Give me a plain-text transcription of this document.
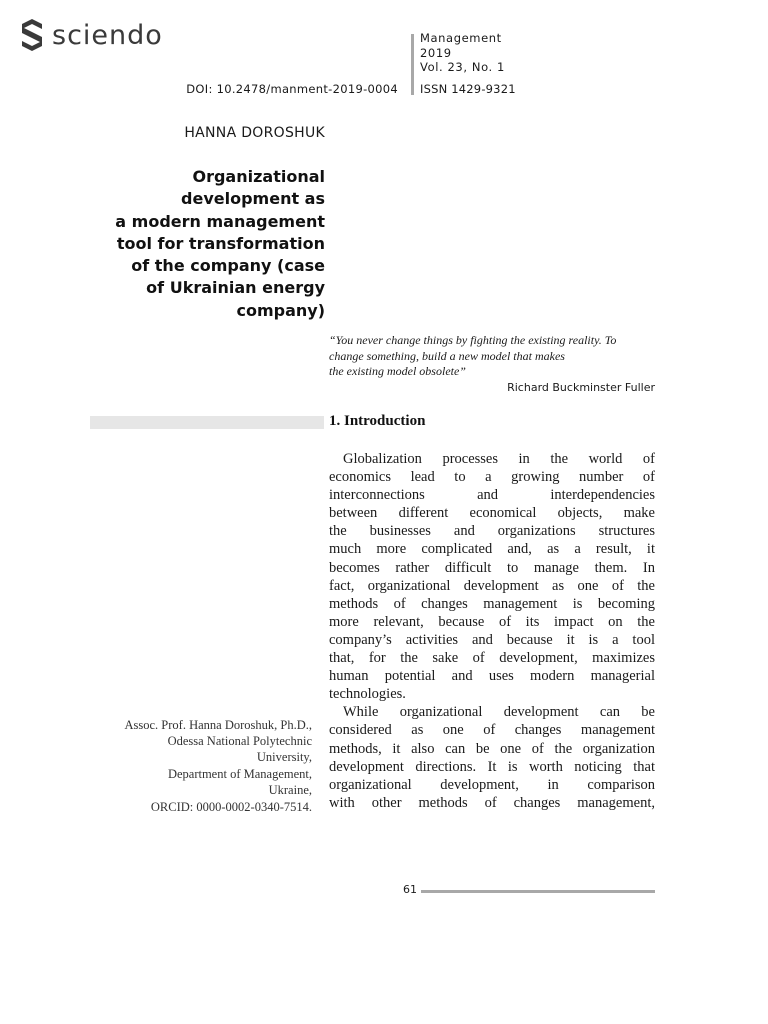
sciendo	Management
2019
Vol. 23, No. 1
DOI: 10.2478/manment-2019-0004 ISSN 1429-9321
HANNA DOROSHUK
Organizational
development as
a modern management
tool for transformation
of the company (case
of Ukrainian energy
company)
“You never change things by fighting the existing reality. To
change something, build a new model that makes
the existing model obsolete”
Richard Buckminster Fuller
1. Introduction
Globalization processes in the world of
economics lead to a growing number of
interconnections and interdependencies
between different economical objects, make
the businesses and organizations structures
much more complicated and, as a result, it
becomes rather difficult to manage them. In
fact, organizational development as one of the
methods of changes management is becoming
more relevant, because of its impact on the
company’s activities and because it is a tool
that, for the sake of development, maximizes
human potential and uses modern managerial
technologies.
While organizational development can be
considered as one of changes management
methods, it also can be one of the organization
development directions. It is worth noticing that
organizational development, in comparison
with other methods of changes management,
Assoc. Prof. Hanna Doroshuk, Ph.D.,
Odessa National Polytechnic
University,
Department of Management,
Ukraine,
ORCID: 0000-0002-0340-7514.
61
